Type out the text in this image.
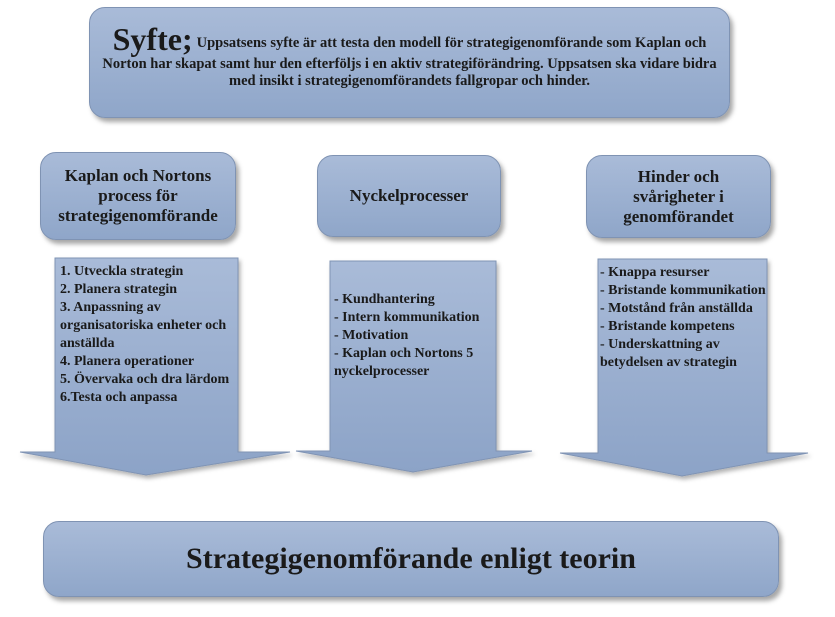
Syfte; Uppsatsens syfte är att testa den modell för strategigenomförande som Kaplan och Norton har skapat samt hur den efterföljs i en aktiv strategiförändring. Uppsatsen ska vidare bidra med insikt i strategigenomförandets fallgropar och hinder.
Kaplan och Nortons process för strategigenomförande
Nyckelprocesser
Hinder och svårigheter i genomförandet
1. Utveckla strategin
2. Planera strategin
3. Anpassning av organisatoriska enheter och anställda
4. Planera operationer
5. Övervaka och dra lärdom
6.Testa och anpassa
- Kundhantering
- Intern kommunikation
- Motivation
- Kaplan och Nortons 5 nyckelprocesser
- Knappa resurser
- Bristande kommunikation
- Motstånd från anställda
- Bristande kompetens
- Underskattning av betydelsen av strategin
Strategigenomförande enligt teorin
